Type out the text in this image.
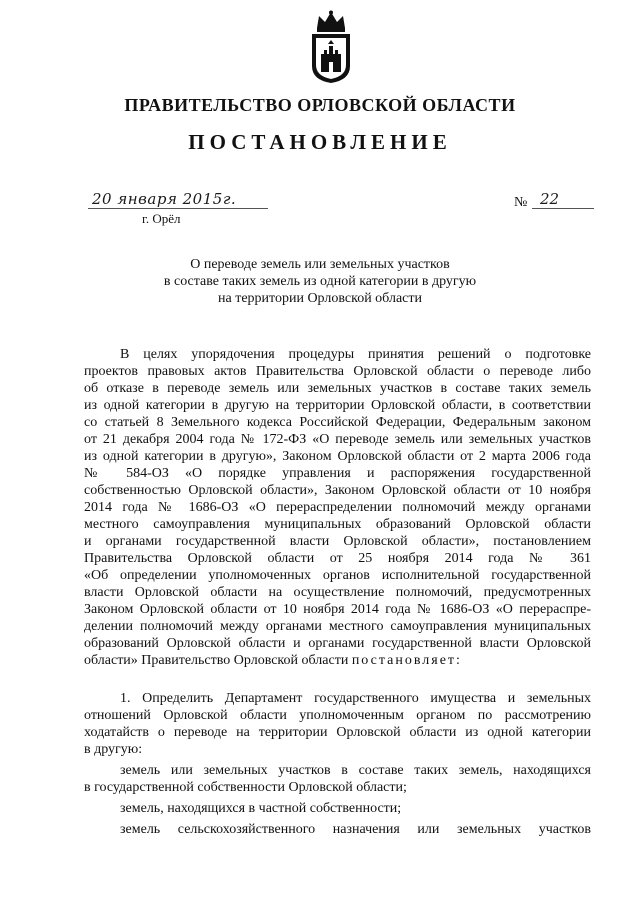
ПРАВИТЕЛЬСТВО ОРЛОВСКОЙ ОБЛАСТИ
ПОСТАНОВЛЕНИЕ
20 января 2015г.
г. Орёл
№ 22
О переводе земель или земельных участков
в составе таких земель из одной категории в другую
на территории Орловской области
В целях упорядочения процедуры принятия решений о подготовке
проектов правовых актов Правительства Орловской области о переводе либо
об отказе в переводе земель или земельных участков в составе таких земель
из одной категории в другую на территории Орловской области, в соответствии
со статьей 8 Земельного кодекса Российской Федерации, Федеральным законом
от 21 декабря 2004 года № 172-ФЗ «О переводе земель или земельных участков
из одной категории в другую», Законом Орловской области от 2 марта 2006 года
№ 584-ОЗ «О порядке управления и распоряжения государственной
собственностью Орловской области», Законом Орловской области от 10 ноября
2014 года № 1686-ОЗ «О перераспределении полномочий между органами
местного самоуправления муниципальных образований Орловской области
и органами государственной власти Орловской области», постановлением
Правительства Орловской области от 25 ноября 2014 года № 361
«Об определении уполномоченных органов исполнительной государственной
власти Орловской области на осуществление полномочий, предусмотренных
Законом Орловской области от 10 ноября 2014 года № 1686-ОЗ «О перераспре-
делении полномочий между органами местного самоуправления муниципальных
образований Орловской области и органами государственной власти Орловской
области» Правительство Орловской области постановляет:
1. Определить Департамент государственного имущества и земельных
отношений Орловской области уполномоченным органом по рассмотрению
ходатайств о переводе на территории Орловской области из одной категории
в другую:
земель или земельных участков в составе таких земель, находящихся
в государственной собственности Орловской области;
земель, находящихся в частной собственности;
земель сельскохозяйственного назначения или земельных участков
